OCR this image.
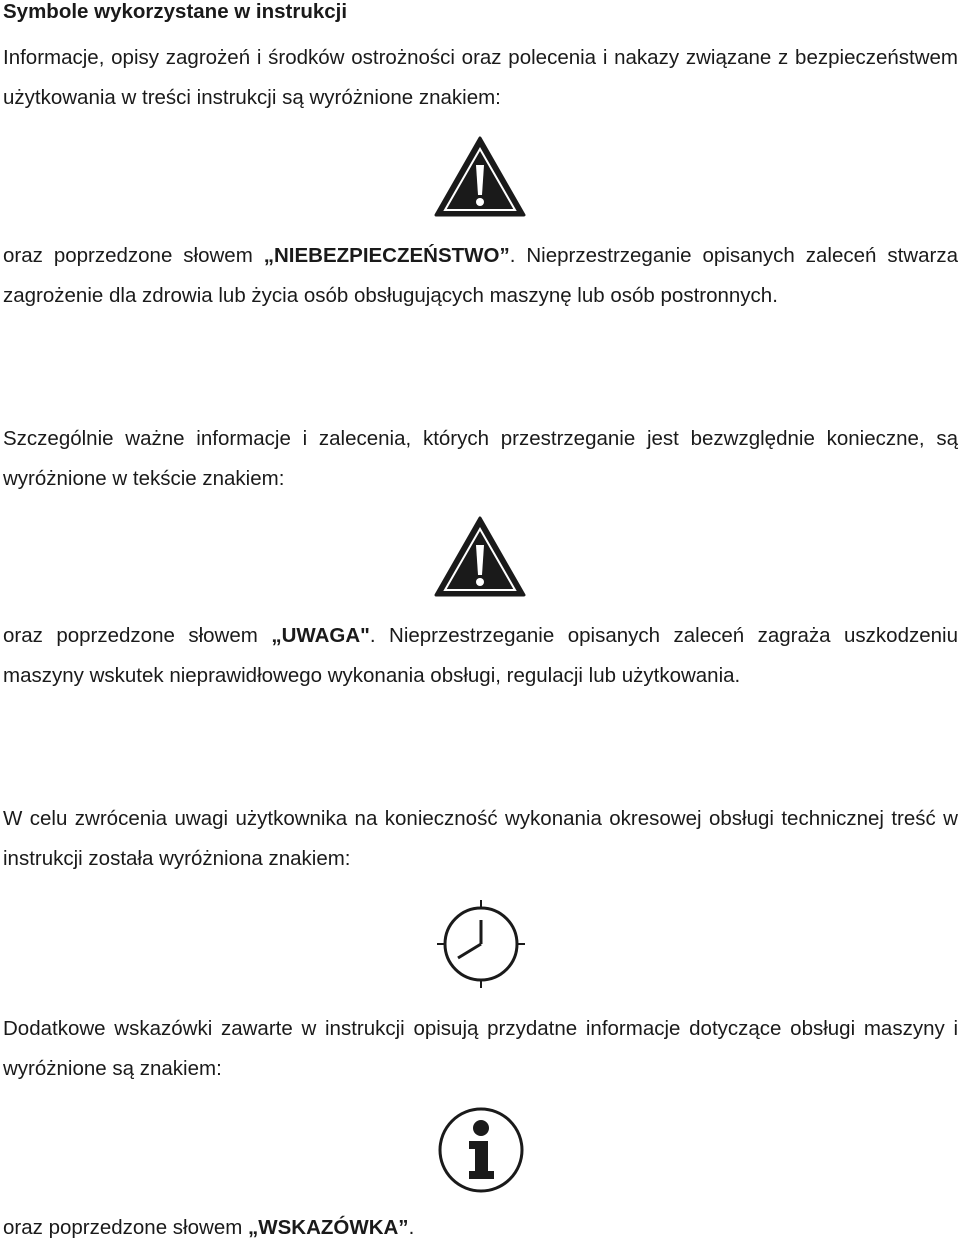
Symbole wykorzystane w instrukcji
Informacje, opisy zagrożeń i środków ostrożności oraz polecenia i nakazy związane z bezpieczeństwem użytkowania w treści instrukcji są wyróżnione znakiem:
oraz poprzedzone słowem „NIEBEZPIECZEŃSTWO”. Nieprzestrzeganie opisanych zaleceń stwarza zagrożenie dla zdrowia lub życia osób obsługujących maszynę lub osób postronnych.
Szczególnie ważne informacje i zalecenia, których przestrzeganie jest bezwzględnie konieczne, są wyróżnione w tekście znakiem:
oraz poprzedzone słowem „UWAGA". Nieprzestrzeganie opisanych zaleceń zagraża uszkodzeniu maszyny wskutek nieprawidłowego wykonania obsługi, regulacji lub użytkowania.
W celu zwrócenia uwagi użytkownika na konieczność wykonania okresowej obsługi technicznej treść w instrukcji została wyróżniona znakiem:
Dodatkowe wskazówki zawarte w instrukcji opisują przydatne informacje dotyczące obsługi maszyny i wyróżnione są znakiem:
oraz poprzedzone słowem „WSKAZÓWKA”.
